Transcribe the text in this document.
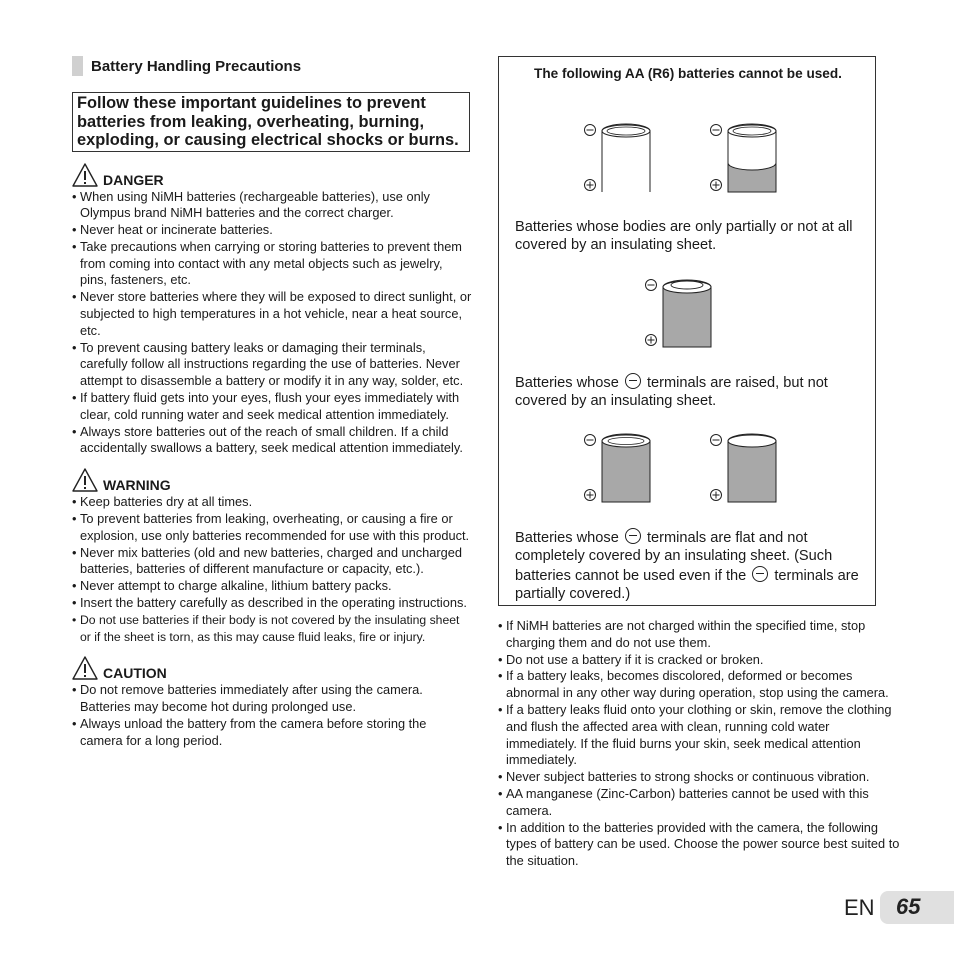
Battery Handling Precautions
Follow these important guidelines to prevent
batteries from leaking, overheating, burning,
exploding, or causing electrical shocks or burns.
DANGER
• When using NiMH batteries (rechargeable batteries), use only Olympus brand NiMH batteries and the correct charger.
• Never heat or incinerate batteries.
• Take precautions when carrying or storing batteries to prevent them from coming into contact with any metal objects such as jewelry, pins, fasteners, etc.
• Never store batteries where they will be exposed to direct sunlight, or subjected to high temperatures in a hot vehicle, near a heat source, etc.
• To prevent causing battery leaks or damaging their terminals, carefully follow all instructions regarding the use of batteries. Never attempt to disassemble a battery or modify it in any way, solder, etc.
• If battery fluid gets into your eyes, flush your eyes immediately with clear, cold running water and seek medical attention immediately.
• Always store batteries out of the reach of small children. If a child accidentally swallows a battery, seek medical attention immediately.
WARNING
• Keep batteries dry at all times.
• To prevent batteries from leaking, overheating, or causing a fire or explosion, use only batteries recommended for use with this product.
• Never mix batteries (old and new batteries, charged and uncharged batteries, batteries of different manufacture or capacity, etc.).
• Never attempt to charge alkaline, lithium battery packs.
• Insert the battery carefully as described in the operating instructions.
• Do not use batteries if their body is not covered by the insulating sheet or if the sheet is torn, as this may cause fluid leaks, fire or injury.
CAUTION
• Do not remove batteries immediately after using the camera. Batteries may become hot during prolonged use.
• Always unload the battery from the camera before storing the camera for a long period.
The following AA (R6) batteries cannot be used.
Batteries whose bodies are only partially or not at all covered by an insulating sheet.
Batteries whose terminals are raised, but not covered by an insulating sheet.
Batteries whose terminals are flat and not completely covered by an insulating sheet. (Such batteries cannot be used even if the terminals are partially covered.)
• If NiMH batteries are not charged within the specified time, stop charging them and do not use them.
• Do not use a battery if it is cracked or broken.
• If a battery leaks, becomes discolored, deformed or becomes abnormal in any other way during operation, stop using the camera.
• If a battery leaks fluid onto your clothing or skin, remove the clothing and flush the affected area with clean, running cold water immediately. If the fluid burns your skin, seek medical attention immediately.
• Never subject batteries to strong shocks or continuous vibration.
• AA manganese (Zinc-Carbon) batteries cannot be used with this camera.
• In addition to the batteries provided with the camera, the following types of battery can be used. Choose the power source best suited to the situation.
EN 65
